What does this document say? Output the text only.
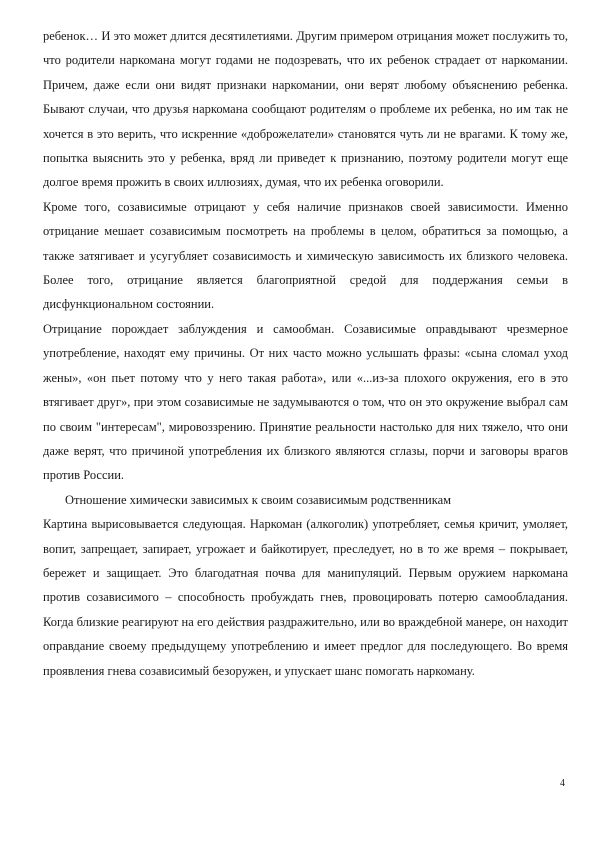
ребенок… И это может длится десятилетиями. Другим примером отрицания может послужить то, что родители наркомана могут годами не подозревать, что их ребенок страдает от наркомании. Причем, даже если они видят признаки наркомании, они верят любому объяснению ребенка. Бывают случаи, что друзья наркомана сообщают родителям о проблеме их ребенка, но им так не хочется в это верить, что искренние «доброжелатели» становятся чуть ли не врагами. К тому же, попытка выяснить это у ребенка, вряд ли приведет к признанию, поэтому родители могут еще долгое время прожить в своих иллюзиях, думая, что их ребенка оговорили.

Кроме того, созависимые отрицают у себя наличие признаков своей зависимости. Именно отрицание мешает созависимым посмотреть на проблемы в целом, обратиться за помощью, а также затягивает и усугубляет созависимость и химическую зависимость их близкого человека. Более того, отрицание является благоприятной средой для поддержания семьи в дисфункциональном состоянии.

Отрицание порождает заблуждения и самообман. Созависимые оправдывают чрезмерное употребление, находят ему причины. От них часто можно услышать фразы: «сына сломал уход жены», «он пьет потому что у него такая работа», или «...из-за плохого окружения, его в это втягивает друг», при этом созависимые не задумываются о том, что он это окружение выбрал сам по своим "интересам", мировоззрению. Принятие реальности настолько для них тяжело, что они даже верят, что причиной употребления их близкого являются сглазы, порчи и заговоры врагов против России.

Отношение химически зависимых к своим созависимым родственникам

Картина вырисовывается следующая. Наркоман (алкоголик) употребляет, семья кричит, умоляет, вопит, запрещает, запирает, угрожает и байкотирует, преследует, но в то же время – покрывает, бережет и защищает. Это благодатная почва для манипуляций. Первым оружием наркомана против созависимого – способность пробуждать гнев, провоцировать потерю самообладания. Когда близкие реагируют на его действия раздражительно, или во враждебной манере, он находит оправдание своему предыдущему употреблению и имеет предлог для последующего. Во время проявления гнева созависимый безоружен, и упускает шанс помогать наркоману.

4
